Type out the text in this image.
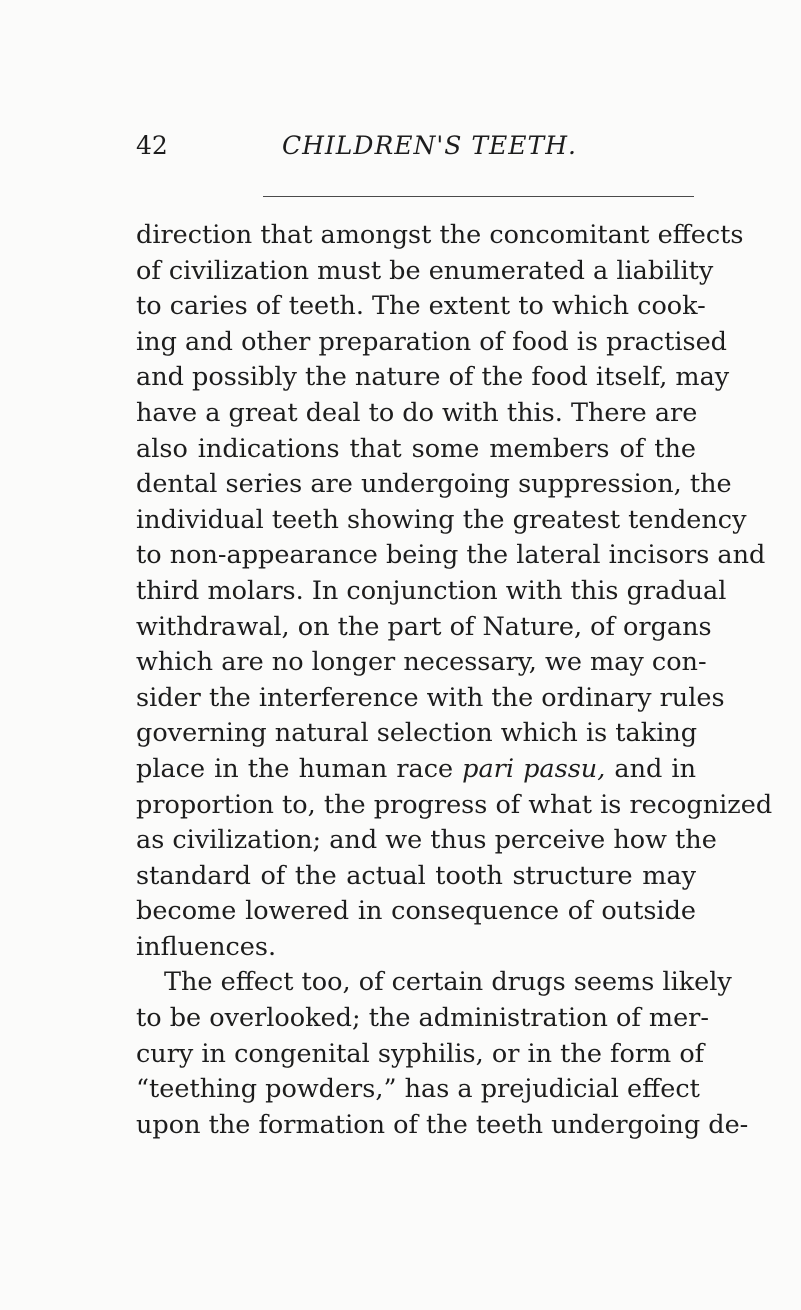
42	CHILDREN'S TEETH.
direction that amongst the concomitant effects
of civilization must be enumerated a liability
to caries of teeth. The extent to which cook-
ing and other preparation of food is practised
and possibly the nature of the food itself, may
have a great deal to do with this. There are
also indications that some members of the
dental series are undergoing suppression, the
individual teeth showing the greatest tendency
to non-appearance being the lateral incisors and
third molars. In conjunction with this gradual
withdrawal, on the part of Nature, of organs
which are no longer necessary, we may con-
sider the interference with the ordinary rules
governing natural selection which is taking
place in the human race pari passu, and in
proportion to, the progress of what is recognized
as civilization; and we thus perceive how the
standard of the actual tooth structure may
become lowered in consequence of outside
influences.
The effect too, of certain drugs seems likely
to be overlooked; the administration of mer-
cury in congenital syphilis, or in the form of
“teething powders,” has a prejudicial effect
upon the formation of the teeth undergoing de-
